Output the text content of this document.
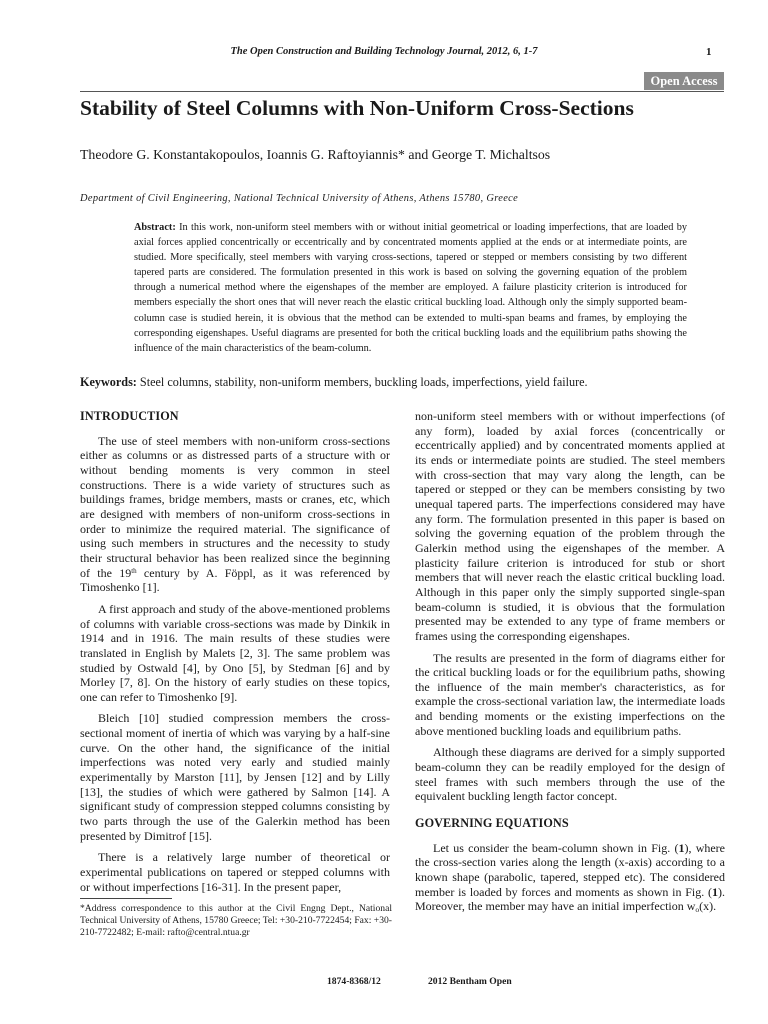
The Open Construction and Building Technology Journal, 2012, 6, 1-7	1
Open Access
Stability of Steel Columns with Non-Uniform Cross-Sections
Theodore G. Konstantakopoulos, Ioannis G. Raftoyiannis* and George T. Michaltsos
Department of Civil Engineering, National Technical University of Athens, Athens 15780, Greece

Abstract: In this work, non-uniform steel members with or without initial geometrical or loading imperfections, that are loaded by axial forces applied concentrically or eccentrically and by concentrated moments applied at the ends or at intermediate points, are studied. More specifically, steel members with varying cross-sections, tapered or stepped or members consisting by two different tapered parts are considered. The formulation presented in this work is based on solving the governing equation of the problem through a numerical method where the eigenshapes of the member are employed. A failure plasticity criterion is introduced for members especially the short ones that will never reach the elastic critical buckling load. Although only the simply supported beam-column case is studied herein, it is obvious that the method can be extended to multi-span beams and frames, by employing the corresponding eigenshapes. Useful diagrams are presented for both the critical buckling loads and the equilibrium paths showing the influence of the main characteristics of the beam-column.

Keywords: Steel columns, stability, non-uniform members, buckling loads, imperfections, yield failure.
INTRODUCTION

The use of steel members with non-uniform cross-sections either as columns or as distressed parts of a structure with or without bending moments is very common in steel constructions. There is a wide variety of structures such as buildings frames, bridge members, masts or cranes, etc, which are designed with members of non-uniform cross-sections in order to minimize the required material. The significance of using such members in structures and the necessity to study their structural behavior has been realized since the beginning of the 19th century by A. Föppl, as it was referenced by Timoshenko [1].

A first approach and study of the above-mentioned problems of columns with variable cross-sections was made by Dinkik in 1914 and in 1916. The main results of these studies were translated in English by Malets [2, 3]. The same problem was studied by Ostwald [4], by Ono [5], by Stedman [6] and by Morley [7, 8]. On the history of early studies on these topics, one can refer to Timoshenko [9].

Bleich [10] studied compression members the cross-sectional moment of inertia of which was varying by a half-sine curve. On the other hand, the significance of the initial imperfections was noted very early and studied mainly experimentally by Marston [11], by Jensen [12] and by Lilly [13], the studies of which were gathered by Salmon [14]. A significant study of compression stepped columns consisting by two parts through the use of the Galerkin method has been presented by Dimitrof [15].

There is a relatively large number of theoretical or experimental publications on tapered or stepped columns with or without imperfections [16-31]. In the present paper,

non-uniform steel members with or without imperfections (of any form), loaded by axial forces (concentrically or eccentrically applied) and by concentrated moments applied at its ends or intermediate points are studied. The steel members with cross-section that may vary along the length, can be tapered or stepped or they can be members consisting by two unequal tapered parts. The imperfections considered may have any form. The formulation presented in this paper is based on solving the governing equation of the problem through the Galerkin method using the eigenshapes of the member. A plasticity failure criterion is introduced for stub or short members that will never reach the elastic critical buckling load. Although in this paper only the simply supported single-span beam-column is studied, it is obvious that the formulation presented may be extended to any type of frame members or frames using the corresponding eigenshapes.

The results are presented in the form of diagrams either for the critical buckling loads or for the equilibrium paths, showing the influence of the main member's characteristics, as for example the cross-sectional variation law, the intermediate loads and bending moments or the existing imperfections on the above mentioned buckling loads and equilibrium paths.

Although these diagrams are derived for a simply supported beam-column they can be readily employed for the design of steel frames with such members through the use of the equivalent buckling length factor concept.

GOVERNING EQUATIONS

Let us consider the beam-column shown in Fig. (1), where the cross-section varies along the length (x-axis) according to a known shape (parabolic, tapered, stepped etc). The considered member is loaded by forces and moments as shown in Fig. (1). Moreover, the member may have an initial imperfection $w_o(x)$.

*Address correspondence to this author at the Civil Engng Dept., National Technical University of Athens, 15780 Greece; Tel: +30-210-7722454; Fax: +30-210-7722482; E-mail: rafto@central.ntua.gr
1874-8368/12	2012 Bentham Open
